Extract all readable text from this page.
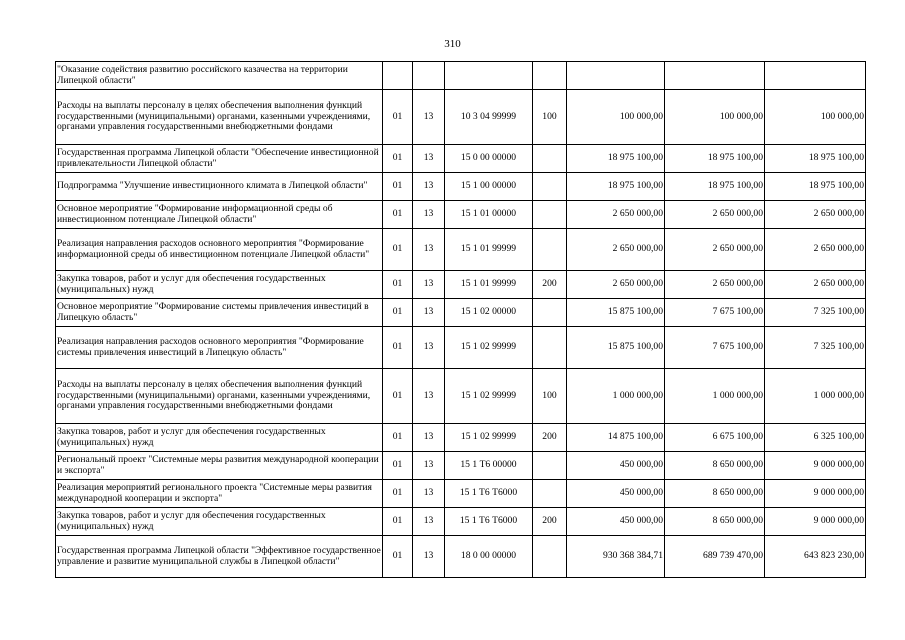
310
"Оказание содействия развитию российского казачества на территории Липецкой области"							
Расходы на выплаты персоналу в целях обеспечения выполнения функций государственными (муниципальными) органами, казенными учреждениями, органами управления государственными внебюджетными фондами	01	13	10 3 04 99999	100	100 000,00	100 000,00	100 000,00
Государственная программа Липецкой области "Обеспечение инвестиционной привлекательности Липецкой области"	01	13	15 0 00 00000		18 975 100,00	18 975 100,00	18 975 100,00
Подпрограмма "Улучшение инвестиционного климата в Липецкой области"	01	13	15 1 00 00000		18 975 100,00	18 975 100,00	18 975 100,00
Основное мероприятие "Формирование информационной среды об инвестиционном потенциале Липецкой области"	01	13	15 1 01 00000		2 650 000,00	2 650 000,00	2 650 000,00
Реализация направления расходов основного мероприятия "Формирование информационной среды об инвестиционном потенциале Липецкой области"	01	13	15 1 01 99999		2 650 000,00	2 650 000,00	2 650 000,00
Закупка товаров, работ и услуг для обеспечения государственных (муниципальных) нужд	01	13	15 1 01 99999	200	2 650 000,00	2 650 000,00	2 650 000,00
Основное мероприятие "Формирование системы привлечения инвестиций в Липецкую область"	01	13	15 1 02 00000		15 875 100,00	7 675 100,00	7 325 100,00
Реализация направления расходов основного мероприятия "Формирование системы привлечения инвестиций в Липецкую область"	01	13	15 1 02 99999		15 875 100,00	7 675 100,00	7 325 100,00
Расходы на выплаты персоналу в целях обеспечения выполнения функций государственными (муниципальными) органами, казенными учреждениями, органами управления государственными внебюджетными фондами	01	13	15 1 02 99999	100	1 000 000,00	1 000 000,00	1 000 000,00
Закупка товаров, работ и услуг для обеспечения государственных (муниципальных) нужд	01	13	15 1 02 99999	200	14 875 100,00	6 675 100,00	6 325 100,00
Региональный проект "Системные меры развития международной кооперации и экспорта"	01	13	15 1 Т6 00000		450 000,00	8 650 000,00	9 000 000,00
Реализация мероприятий регионального проекта "Системные меры развития международной кооперации и экспорта"	01	13	15 1 Т6 Т6000		450 000,00	8 650 000,00	9 000 000,00
Закупка товаров, работ и услуг для обеспечения государственных (муниципальных) нужд	01	13	15 1 Т6 Т6000	200	450 000,00	8 650 000,00	9 000 000,00
Государственная программа Липецкой области "Эффективное государственное управление и развитие муниципальной службы в Липецкой области"	01	13	18 0 00 00000		930 368 384,71	689 739 470,00	643 823 230,00
